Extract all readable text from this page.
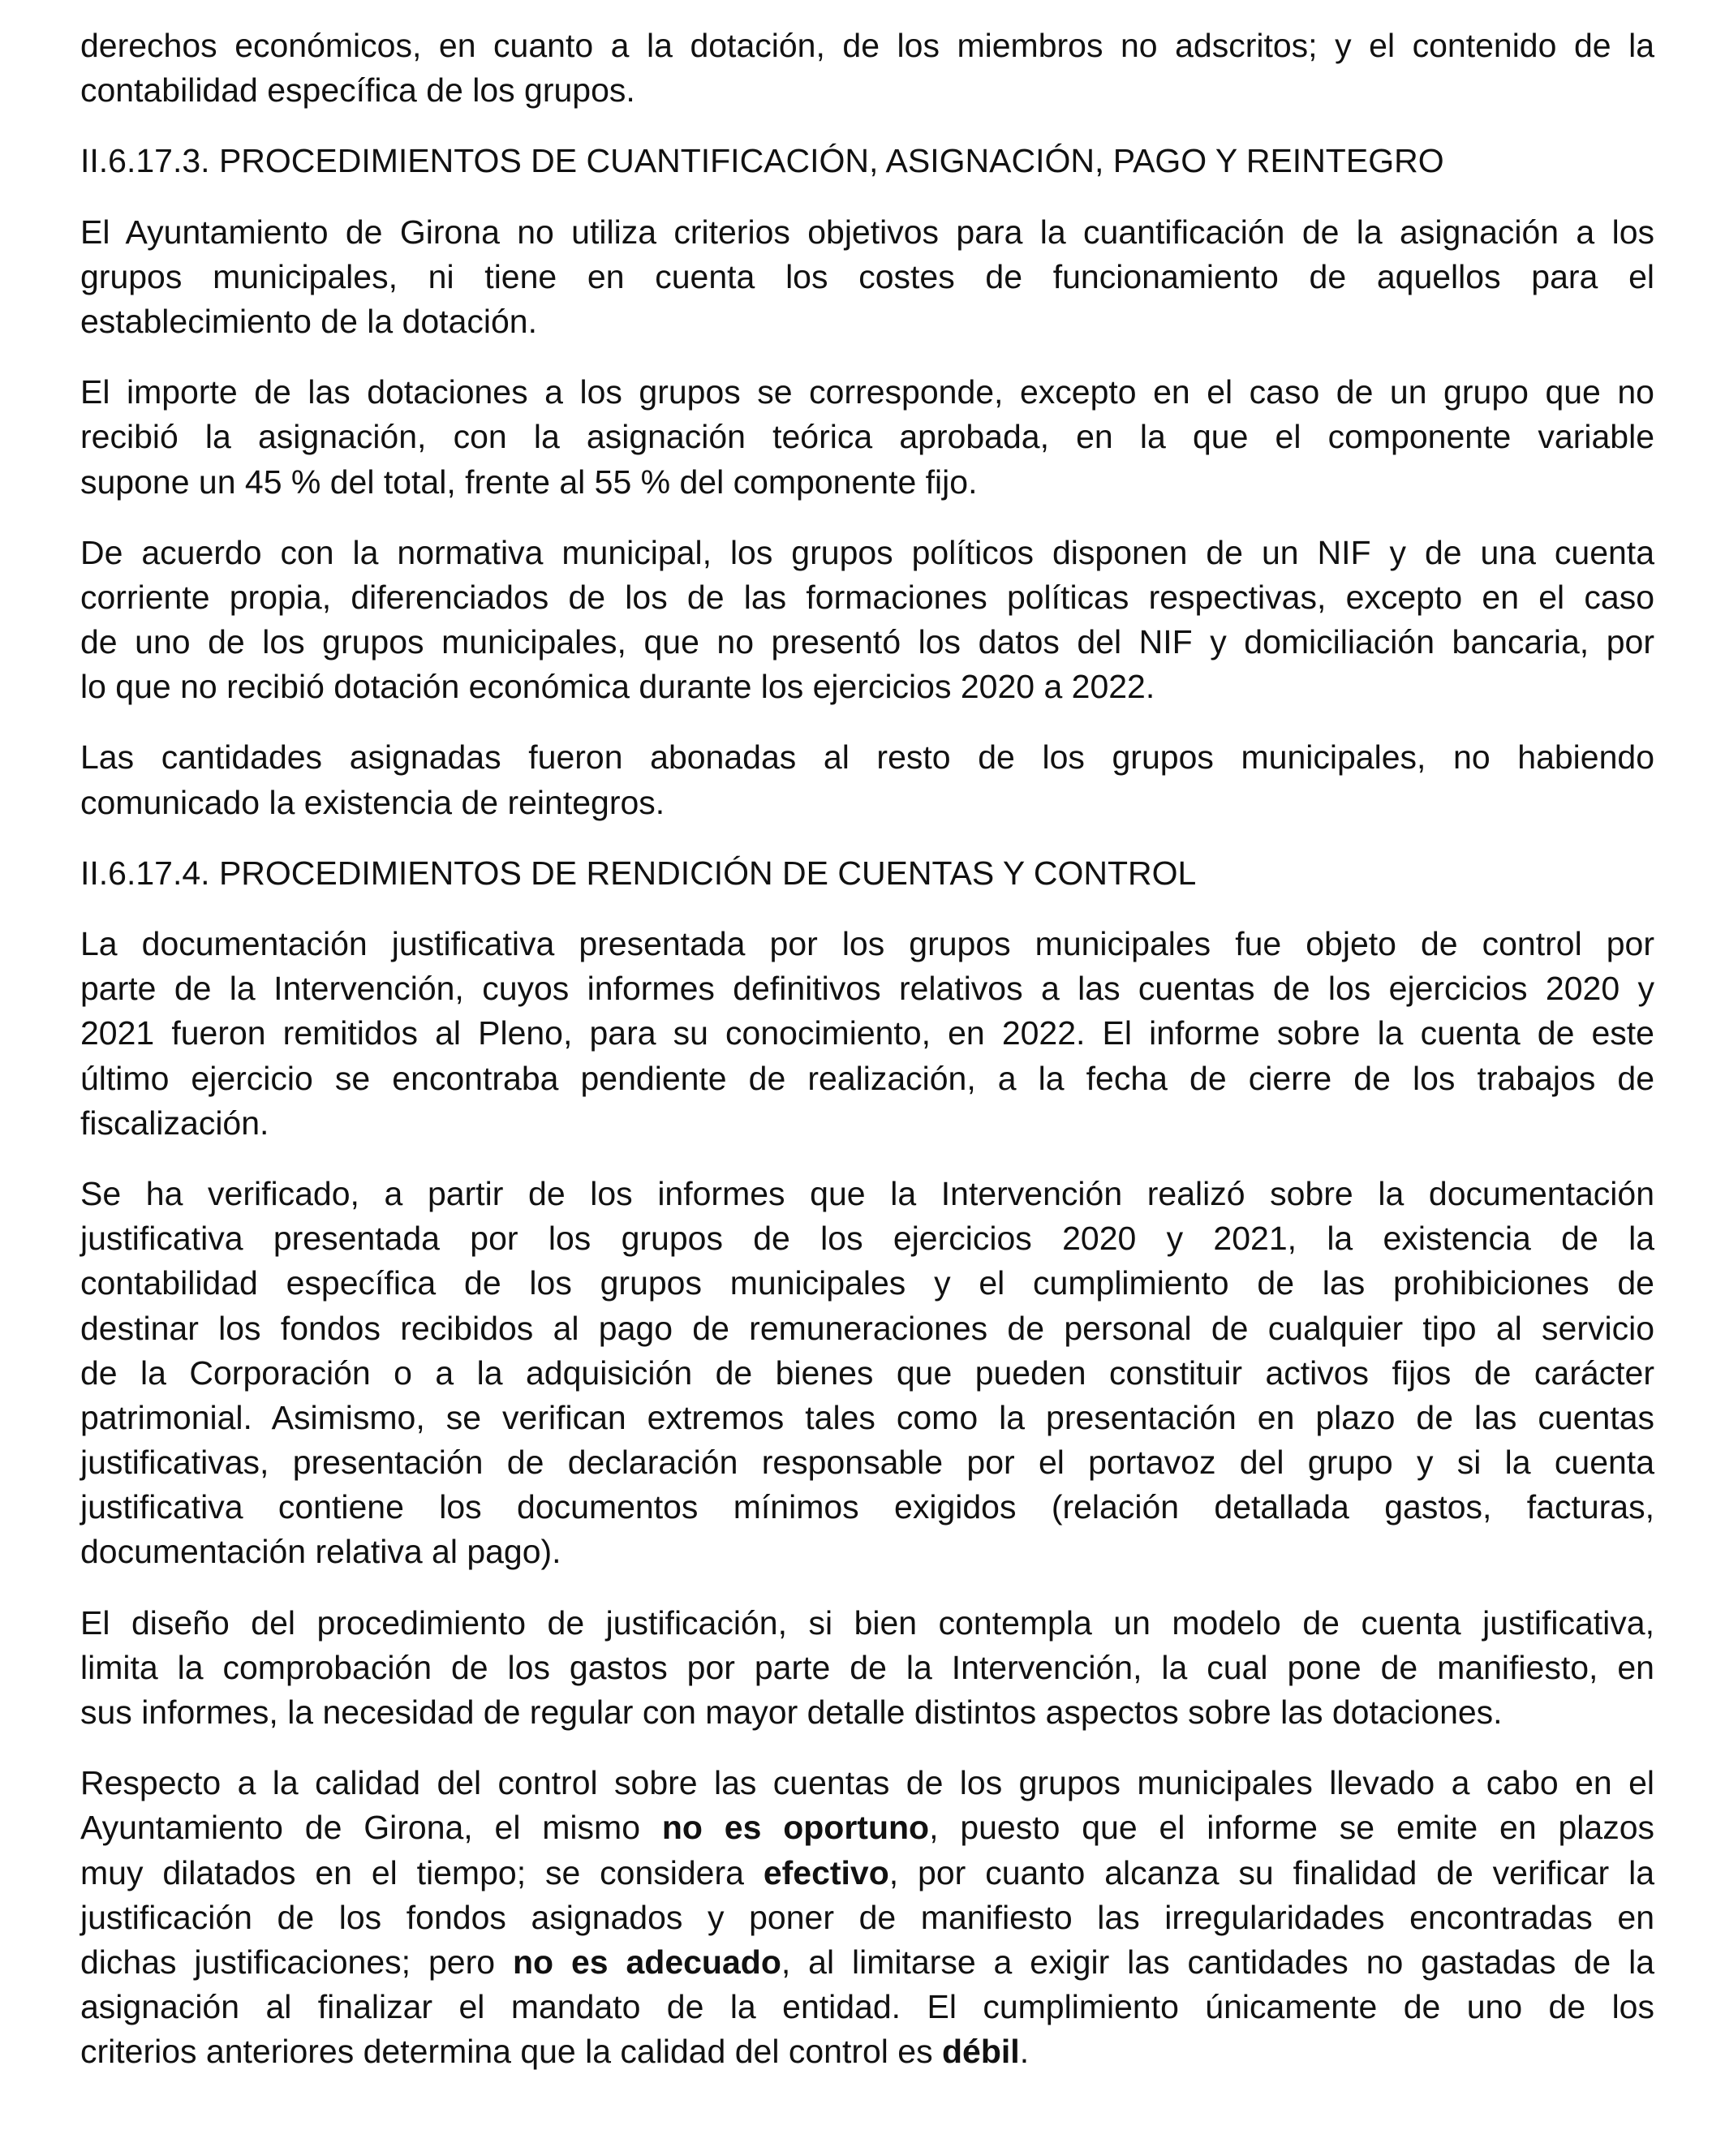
derechos económicos, en cuanto a la dotación, de los miembros no adscritos; y el contenido de la
contabilidad específica de los grupos.
II.6.17.3. PROCEDIMIENTOS DE CUANTIFICACIÓN, ASIGNACIÓN, PAGO Y REINTEGRO
El Ayuntamiento de Girona no utiliza criterios objetivos para la cuantificación de la asignación a los
grupos municipales, ni tiene en cuenta los costes de funcionamiento de aquellos para el
establecimiento de la dotación.
El importe de las dotaciones a los grupos se corresponde, excepto en el caso de un grupo que no
recibió la asignación, con la asignación teórica aprobada, en la que el componente variable
supone un 45 % del total, frente al 55 % del componente fijo.
De acuerdo con la normativa municipal, los grupos políticos disponen de un NIF y de una cuenta
corriente propia, diferenciados de los de las formaciones políticas respectivas, excepto en el caso
de uno de los grupos municipales, que no presentó los datos del NIF y domiciliación bancaria, por
lo que no recibió dotación económica durante los ejercicios 2020 a 2022.
Las cantidades asignadas fueron abonadas al resto de los grupos municipales, no habiendo
comunicado la existencia de reintegros.
II.6.17.4. PROCEDIMIENTOS DE RENDICIÓN DE CUENTAS Y CONTROL
La documentación justificativa presentada por los grupos municipales fue objeto de control por
parte de la Intervención, cuyos informes definitivos relativos a las cuentas de los ejercicios 2020 y
2021 fueron remitidos al Pleno, para su conocimiento, en 2022. El informe sobre la cuenta de este
último ejercicio se encontraba pendiente de realización, a la fecha de cierre de los trabajos de
fiscalización.
Se ha verificado, a partir de los informes que la Intervención realizó sobre la documentación
justificativa presentada por los grupos de los ejercicios 2020 y 2021, la existencia de la
contabilidad específica de los grupos municipales y el cumplimiento de las prohibiciones de
destinar los fondos recibidos al pago de remuneraciones de personal de cualquier tipo al servicio
de la Corporación o a la adquisición de bienes que pueden constituir activos fijos de carácter
patrimonial. Asimismo, se verifican extremos tales como la presentación en plazo de las cuentas
justificativas, presentación de declaración responsable por el portavoz del grupo y si la cuenta
justificativa contiene los documentos mínimos exigidos (relación detallada gastos, facturas,
documentación relativa al pago).
El diseño del procedimiento de justificación, si bien contempla un modelo de cuenta justificativa,
limita la comprobación de los gastos por parte de la Intervención, la cual pone de manifiesto, en
sus informes, la necesidad de regular con mayor detalle distintos aspectos sobre las dotaciones.
Respecto a la calidad del control sobre las cuentas de los grupos municipales llevado a cabo en el
Ayuntamiento de Girona, el mismo no es oportuno, puesto que el informe se emite en plazos
muy dilatados en el tiempo; se considera efectivo, por cuanto alcanza su finalidad de verificar la
justificación de los fondos asignados y poner de manifiesto las irregularidades encontradas en
dichas justificaciones; pero no es adecuado, al limitarse a exigir las cantidades no gastadas de la
asignación al finalizar el mandato de la entidad. El cumplimiento únicamente de uno de los
criterios anteriores determina que la calidad del control es débil.
